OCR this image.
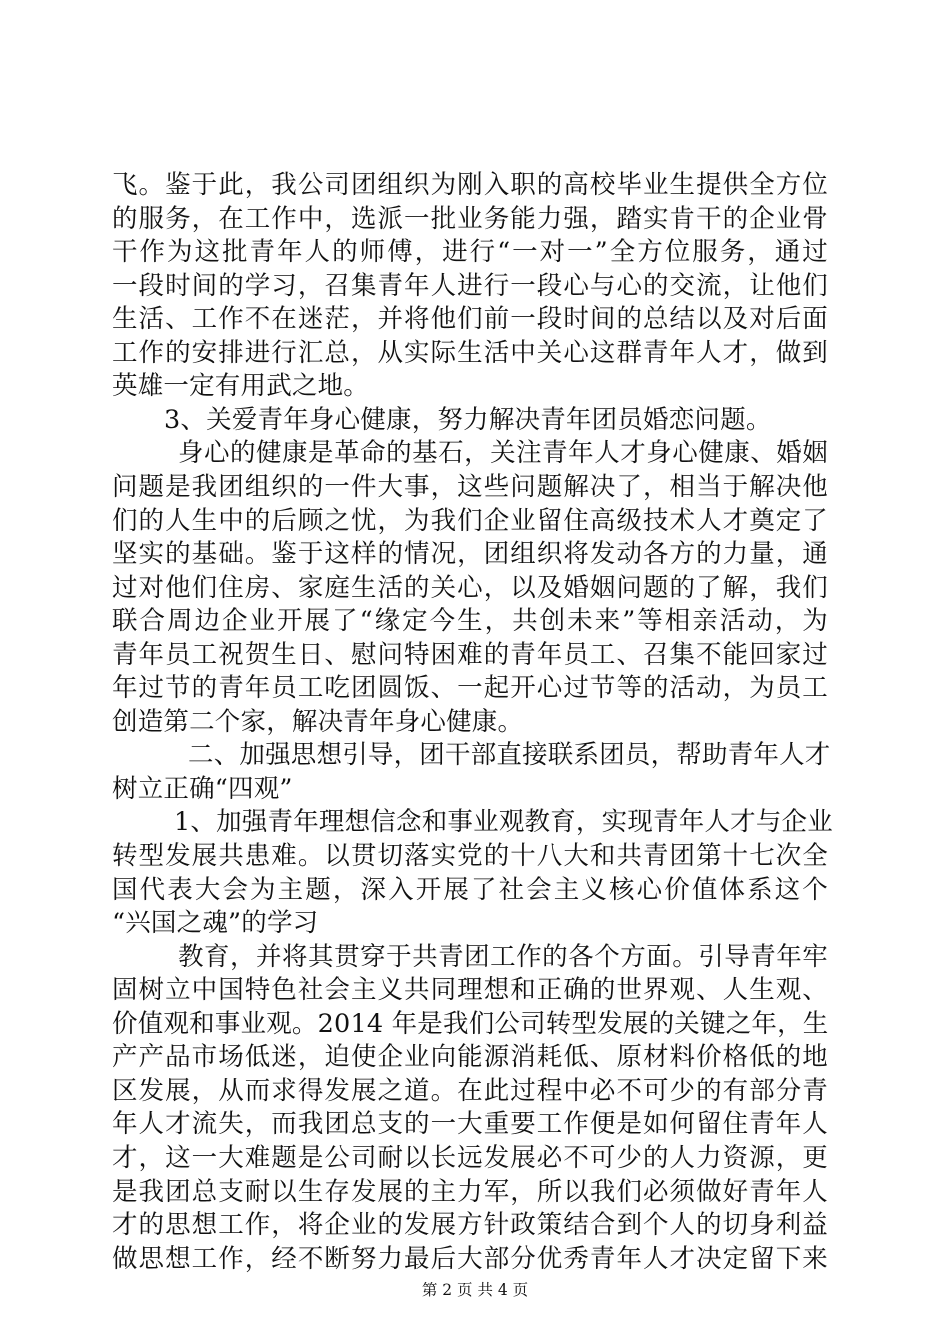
飞。鉴于此，我公司团组织为刚入职的高校毕业生提供全方位
的服务，在工作中，选派一批业务能力强，踏实肯干的企业骨
干作为这批青年人的师傅，进行“一对一”全方位服务，通过
一段时间的学习，召集青年人进行一段心与心的交流，让他们
生活、工作不在迷茫，并将他们前一段时间的总结以及对后面
工作的安排进行汇总，从实际生活中关心这群青年人才，做到
英雄一定有用武之地。
3、关爱青年身心健康，努力解决青年团员婚恋问题。
身心的健康是革命的基石，关注青年人才身心健康、婚姻
问题是我团组织的一件大事，这些问题解决了，相当于解决他
们的人生中的后顾之忧，为我们企业留住高级技术人才奠定了
坚实的基础。鉴于这样的情况，团组织将发动各方的力量，通
过对他们住房、家庭生活的关心，以及婚姻问题的了解，我们
联合周边企业开展了“缘定今生，共创未来”等相亲活动，为
青年员工祝贺生日、慰问特困难的青年员工、召集不能回家过
年过节的青年员工吃团圆饭、一起开心过节等的活动，为员工
创造第二个家，解决青年身心健康。
二、加强思想引导，团干部直接联系团员，帮助青年人才
树立正确“四观”
1、加强青年理想信念和事业观教育，实现青年人才与企业
转型发展共患难。以贯切落实党的十八大和共青团第十七次全
国代表大会为主题，深入开展了社会主义核心价值体系这个
“兴国之魂”的学习
教育，并将其贯穿于共青团工作的各个方面。引导青年牢
固树立中国特色社会主义共同理想和正确的世界观、人生观、
价值观和事业观。2014 年是我们公司转型发展的关键之年，生
产产品市场低迷，迫使企业向能源消耗低、原材料价格低的地
区发展，从而求得发展之道。在此过程中必不可少的有部分青
年人才流失，而我团总支的一大重要工作便是如何留住青年人
才，这一大难题是公司耐以长远发展必不可少的人力资源，更
是我团总支耐以生存发展的主力军，所以我们必须做好青年人
才的思想工作，将企业的发展方针政策结合到个人的切身利益
做思想工作，经不断努力最后大部分优秀青年人才决定留下来
第 2 页 共 4 页
